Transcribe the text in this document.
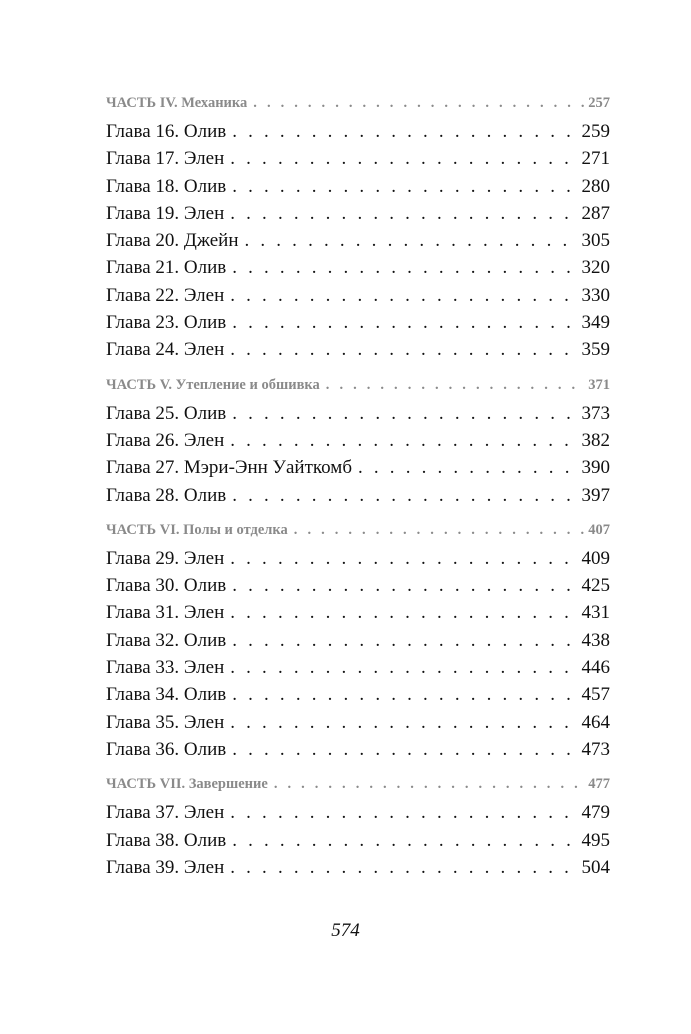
ЧАСТЬ IV. Механика . . .	257
Глава 16. Олив . . .	259
Глава 17. Элен . . .	271
Глава 18. Олив . . .	280
Глава 19. Элен . . .	287
Глава 20. Джейн . . .	305
Глава 21. Олив . . .	320
Глава 22. Элен . . .	330
Глава 23. Олив . . .	349
Глава 24. Элен . . .	359
ЧАСТЬ V. Утепление и обшивка . . .	371
Глава 25. Олив . . .	373
Глава 26. Элен . . .	382
Глава 27. Мэри-Энн Уайткомб . . .	390
Глава 28. Олив . . .	397
ЧАСТЬ VI. Полы и отделка . . .	407
Глава 29. Элен . . .	409
Глава 30. Олив . . .	425
Глава 31. Элен . . .	431
Глава 32. Олив . . .	438
Глава 33. Элен . . .	446
Глава 34. Олив . . .	457
Глава 35. Элен . . .	464
Глава 36. Олив . . .	473
ЧАСТЬ VII. Завершение . . .	477
Глава 37. Элен . . .	479
Глава 38. Олив . . .	495
Глава 39. Элен . . .	504
574
